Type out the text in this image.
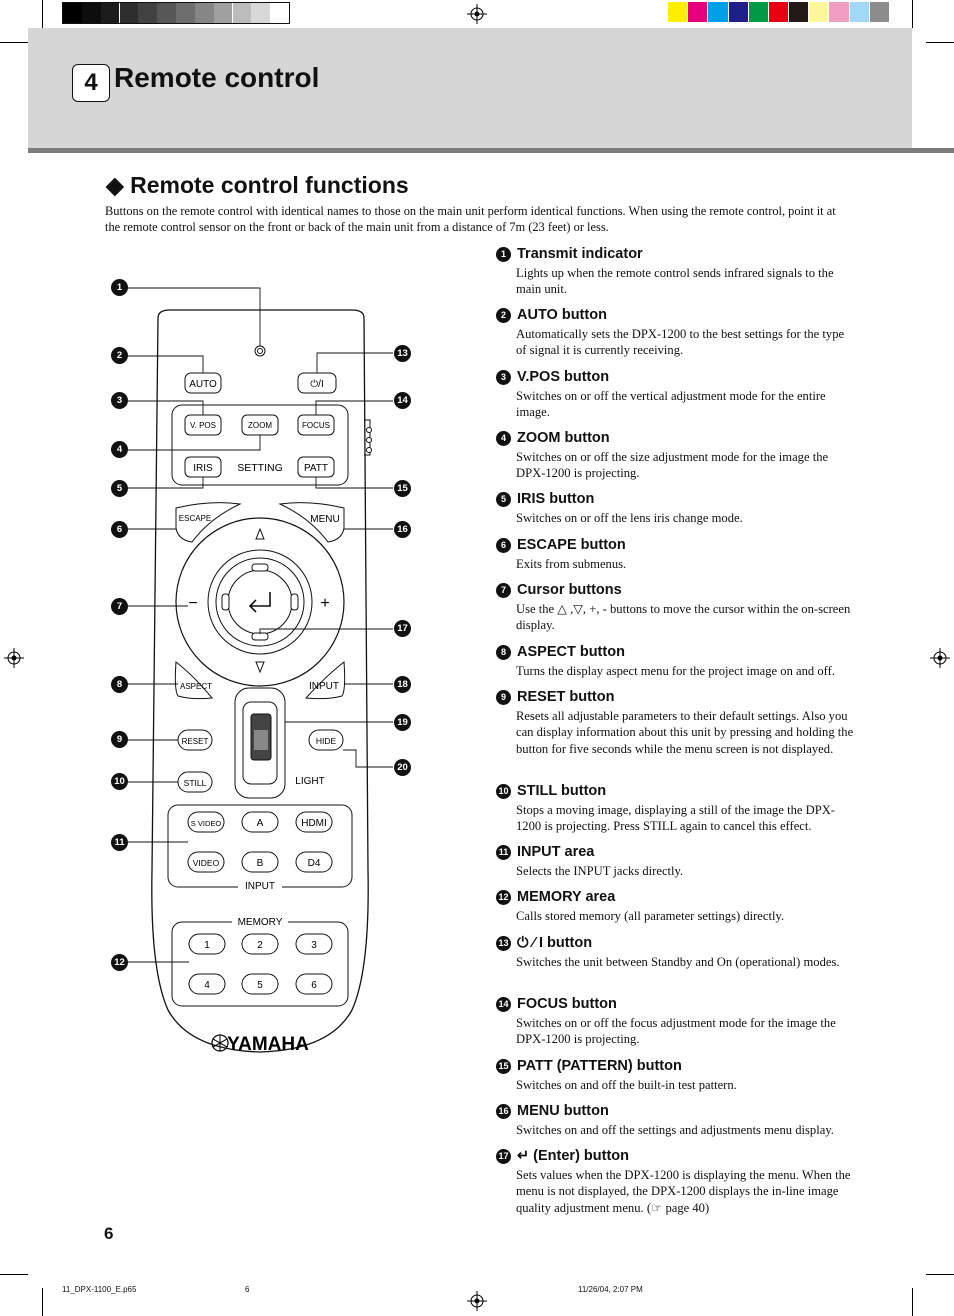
4 Remote control
◆ Remote control functions
Buttons on the remote control with identical names to those on the main unit perform identical functions. When using the remote control, point it at the remote control sensor on the front or back of the main unit from a distance of 7m (23 feet) or less.
1 Transmit indicator
Lights up when the remote control sends infrared signals to the main unit.
2 AUTO button
Automatically sets the DPX-1200 to the best settings for the type of signal it is currently receiving.
3 V.POS button
Switches on or off the vertical adjustment mode for the entire image.
4 ZOOM button
Switches on or off the size adjustment mode for the image the DPX-1200 is projecting.
5 IRIS button
Switches on or off the lens iris change mode.
6 ESCAPE button
Exits from submenus.
7 Cursor buttons
Use the △ ,▽, +, - buttons to move the cursor within the on-screen display.
8 ASPECT button
Turns the display aspect menu for the project image on and off.
9 RESET button
Resets all adjustable parameters to their default settings. Also you can display information about this unit by pressing and holding the button for five seconds while the menu screen is not displayed.
10 STILL button
Stops a moving image, displaying a still of the image the DPX-1200 is projecting. Press STILL again to cancel this effect.
11 INPUT area
Selects the INPUT jacks directly.
12 MEMORY area
Calls stored memory (all parameter settings) directly.
13 ⏻ ⁄ I button
Switches the unit between Standby and On (operational) modes.
14 FOCUS button
Switches on or off the focus adjustment mode for the image the DPX-1200 is projecting.
15 PATT (PATTERN) button
Switches on and off the built-in test pattern.
16 MENU button
Switches on and off the settings and adjustments menu display.
17 ↵ (Enter) button
Sets values when the DPX-1200 is displaying the menu. When the menu is not displayed, the DPX-1200 displays the in-line image quality adjustment menu. (☞ page 40)
AUTO	⏻/I
V. POS	ZOOM	FOCUS
IRIS SETTING PATT
ESCAPE	MENU
−	+
ASPECT	INPUT
LIGHT
RESET	HIDE
STILL
S VIDEO	A	HDMI
VIDEO	B	D4
INPUT
MEMORY
1	2	3
4	5	6
YAMAHA
1
2
3
4
5
6
7
8
9
10
11
12
13
14
15
16
17
18
19
20
6
11_DPX-1100_E.p65	6	11/26/04, 2:07 PM
